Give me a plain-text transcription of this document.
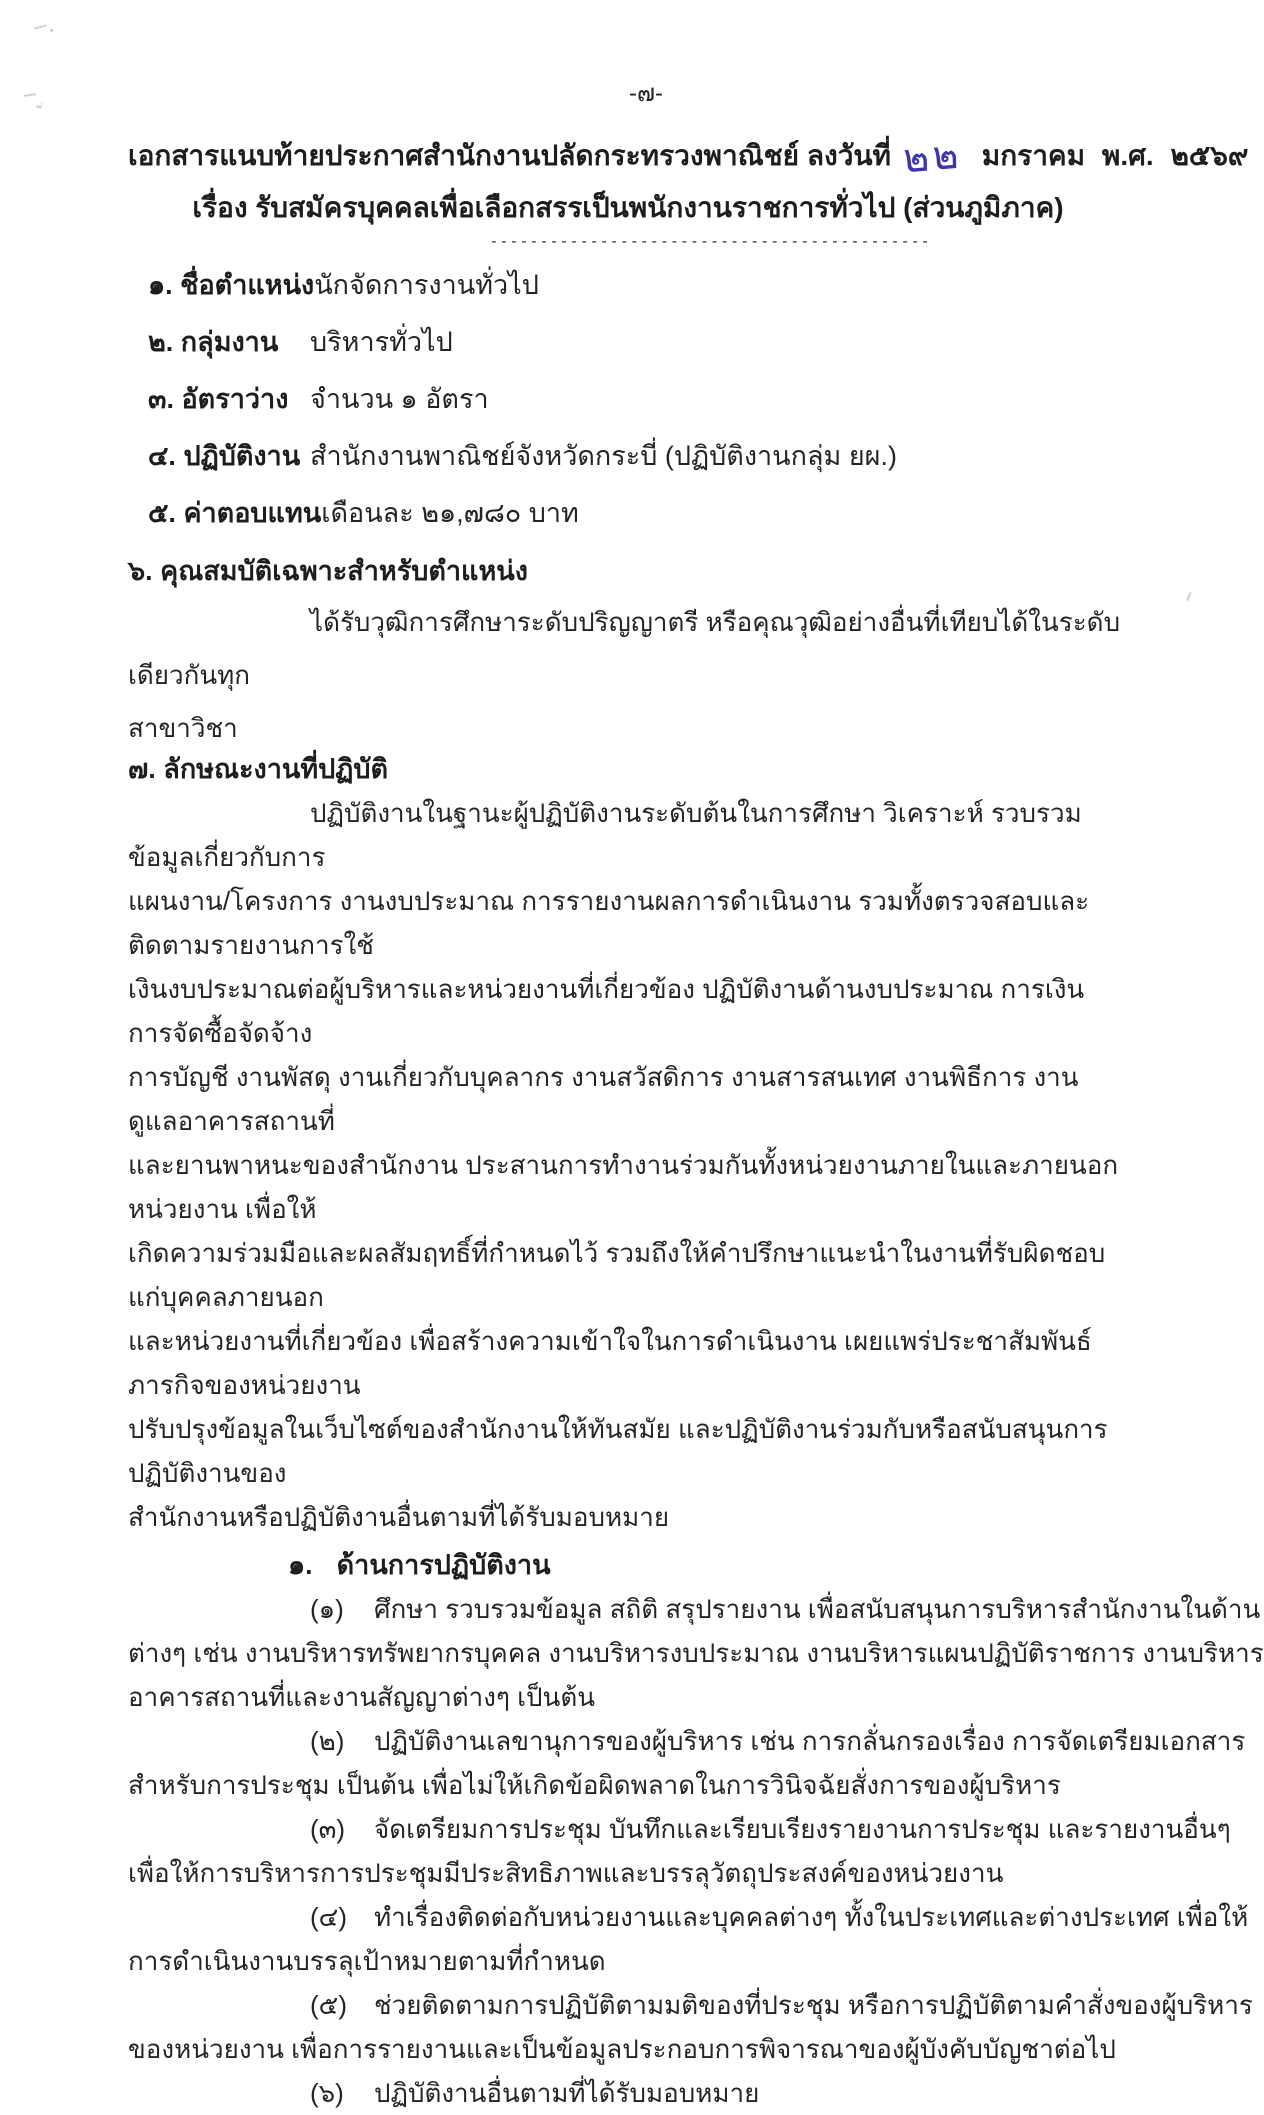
-๗-
เอกสารแนบท้ายประกาศสำนักงานปลัดกระทรวงพาณิชย์ ลงวันที่ ๒๒ มกราคม พ.ศ. ๒๕๖๙
เรื่อง รับสมัครบุคคลเพื่อเลือกสรรเป็นพนักงานราชการทั่วไป (ส่วนภูมิภาค)
--------------------------------------------
๑. ชื่อตำแหน่งนักจัดการงานทั่วไป
๒. กลุ่มงาน บริหารทั่วไป
๓. อัตราว่าง จำนวน ๑ อัตรา
๔. ปฏิบัติงาน สำนักงานพาณิชย์จังหวัดกระบี่ (ปฏิบัติงานกลุ่ม ยผ.)
๕. ค่าตอบแทนเดือนละ ๒๑,๗๘๐ บาท
๖. คุณสมบัติเฉพาะสำหรับตำแหน่ง
ได้รับวุฒิการศึกษาระดับปริญญาตรี หรือคุณวุฒิอย่างอื่นที่เทียบได้ในระดับเดียวกันทุก
สาขาวิชา
๗. ลักษณะงานที่ปฏิบัติ
ปฏิบัติงานในฐานะผู้ปฏิบัติงานระดับต้นในการศึกษา วิเคราะห์ รวบรวมข้อมูลเกี่ยวกับการ
แผนงาน/โครงการ งานงบประมาณ การรายงานผลการดำเนินงาน รวมทั้งตรวจสอบและติดตามรายงานการใช้
เงินงบประมาณต่อผู้บริหารและหน่วยงานที่เกี่ยวข้อง ปฏิบัติงานด้านงบประมาณ การเงิน การจัดซื้อจัดจ้าง
การบัญชี งานพัสดุ งานเกี่ยวกับบุคลากร งานสวัสดิการ งานสารสนเทศ งานพิธีการ งานดูแลอาคารสถานที่
และยานพาหนะของสำนักงาน ประสานการทำงานร่วมกันทั้งหน่วยงานภายในและภายนอกหน่วยงาน เพื่อให้
เกิดความร่วมมือและผลสัมฤทธิ์ที่กำหนดไว้ รวมถึงให้คำปรึกษาแนะนำในงานที่รับผิดชอบแก่บุคคลภายนอก
และหน่วยงานที่เกี่ยวข้อง เพื่อสร้างความเข้าใจในการดำเนินงาน เผยแพร่ประชาสัมพันธ์ภารกิจของหน่วยงาน
ปรับปรุงข้อมูลในเว็บไซต์ของสำนักงานให้ทันสมัย และปฏิบัติงานร่วมกับหรือสนับสนุนการปฏิบัติงานของ
สำนักงานหรือปฏิบัติงานอื่นตามที่ได้รับมอบหมาย
๑. ด้านการปฏิบัติงาน
(๑) ศึกษา รวบรวมข้อมูล สถิติ สรุปรายงาน เพื่อสนับสนุนการบริหารสำนักงานในด้าน
ต่างๆ เช่น งานบริหารทรัพยากรบุคคล งานบริหารงบประมาณ งานบริหารแผนปฏิบัติราชการ งานบริหาร
อาคารสถานที่และงานสัญญาต่างๆ เป็นต้น
(๒) ปฏิบัติงานเลขานุการของผู้บริหาร เช่น การกลั่นกรองเรื่อง การจัดเตรียมเอกสาร
สำหรับการประชุม เป็นต้น เพื่อไม่ให้เกิดข้อผิดพลาดในการวินิจฉัยสั่งการของผู้บริหาร
(๓) จัดเตรียมการประชุม บันทึกและเรียบเรียงรายงานการประชุม และรายงานอื่นๆ
เพื่อให้การบริหารการประชุมมีประสิทธิภาพและบรรลุวัตถุประสงค์ของหน่วยงาน
(๔) ทำเรื่องติดต่อกับหน่วยงานและบุคคลต่างๆ ทั้งในประเทศและต่างประเทศ เพื่อให้
การดำเนินงานบรรลุเป้าหมายตามที่กำหนด
(๕) ช่วยติดตามการปฏิบัติตามมติของที่ประชุม หรือการปฏิบัติตามคำสั่งของผู้บริหาร
ของหน่วยงาน เพื่อการรายงานและเป็นข้อมูลประกอบการพิจารณาของผู้บังคับบัญชาต่อไป
(๖) ปฏิบัติงานอื่นตามที่ได้รับมอบหมาย
